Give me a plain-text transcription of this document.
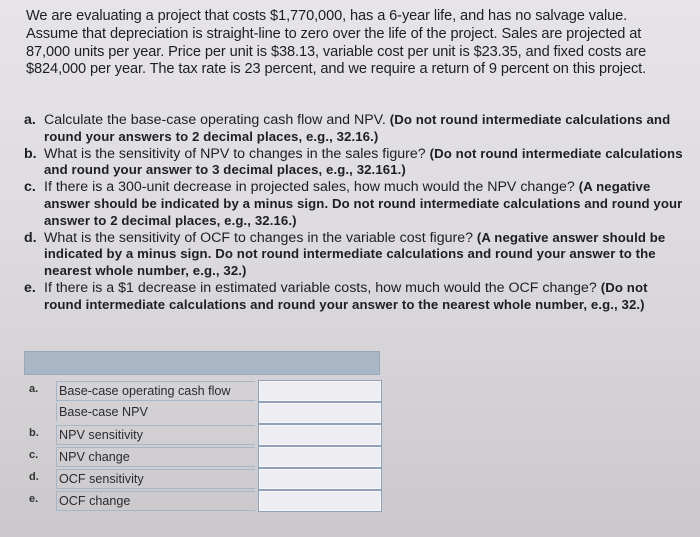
We are evaluating a project that costs $1,770,000, has a 6-year life, and has no salvage value. Assume that depreciation is straight-line to zero over the life of the project. Sales are projected at 87,000 units per year. Price per unit is $38.13, variable cost per unit is $23.35, and fixed costs are $824,000 per year. The tax rate is 23 percent, and we require a return of 9 percent on this project.

a. Calculate the base-case operating cash flow and NPV. (Do not round intermediate calculations and round your answers to 2 decimal places, e.g., 32.16.)
b. What is the sensitivity of NPV to changes in the sales figure? (Do not round intermediate calculations and round your answer to 3 decimal places, e.g., 32.161.)
c. If there is a 300-unit decrease in projected sales, how much would the NPV change? (A negative answer should be indicated by a minus sign. Do not round intermediate calculations and round your answer to 2 decimal places, e.g., 32.16.)
d. What is the sensitivity of OCF to changes in the variable cost figure? (A negative answer should be indicated by a minus sign. Do not round intermediate calculations and round your answer to the nearest whole number, e.g., 32.)
e. If there is a $1 decrease in estimated variable costs, how much would the OCF change? (Do not round intermediate calculations and round your answer to the nearest whole number, e.g., 32.)
a. Base-case operating cash flow
Base-case NPV
b. NPV sensitivity
c. NPV change
d. OCF sensitivity
e. OCF change
